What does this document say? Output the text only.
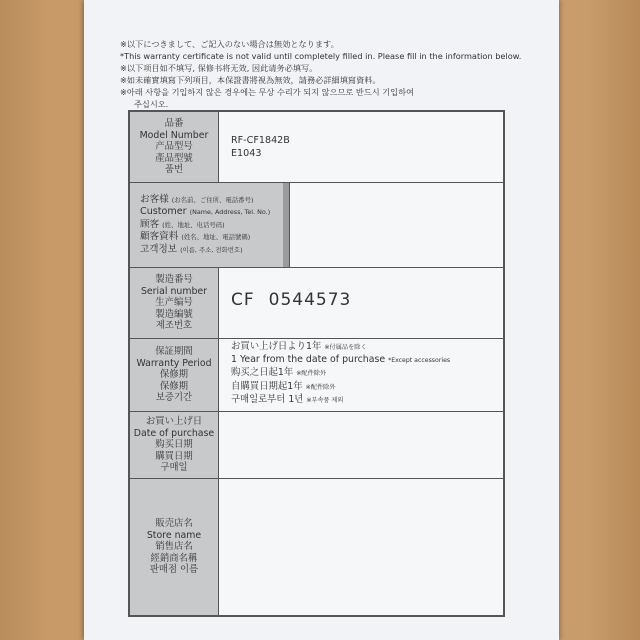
※以下につきまして、ご記入のない場合は無効となります。
*This warranty certificate is not valid until completely filled in. Please fill in the information below.
※以下项目如不填写, 保修书将无效, 因此请务必填写。
※如未確實填寫下列項目，本保證書將視為無效，請務必詳細填寫資料。
※아래 사항을 기입하지 않은 경우에는 무상 수리가 되지 않으므로 반드시 기입하여
주십시오.
品番
Model Number
产品型号
產品型號
품번
RF-CF1842B
E1043
お客様 (お名前、ご住所、電話番号)
Customer (Name, Address, Tel. No.)
顾客 (姓、地址、电话号码)
顧客資料 (姓名、地址、電話號碼)
고객정보 (이름, 주소, 전화번호)
製造番号
Serial number
生产编号
製造編號
제조번호
CF 0544573
保証期間
Warranty Period
保修期
保修期
보증기간
お買い上げ日より1年 ※付属品を除く
1 Year from the date of purchase *Except accessories
购买之日起1年 ※配件除外
自購買日期起1年 ※配件除外
구매일로부터 1년 ※부속품 제외
お買い上げ日
Date of purchase
购买日期
購買日期
구매일
販売店名
Store name
销售店名
經銷商名稱
판매점 이름
